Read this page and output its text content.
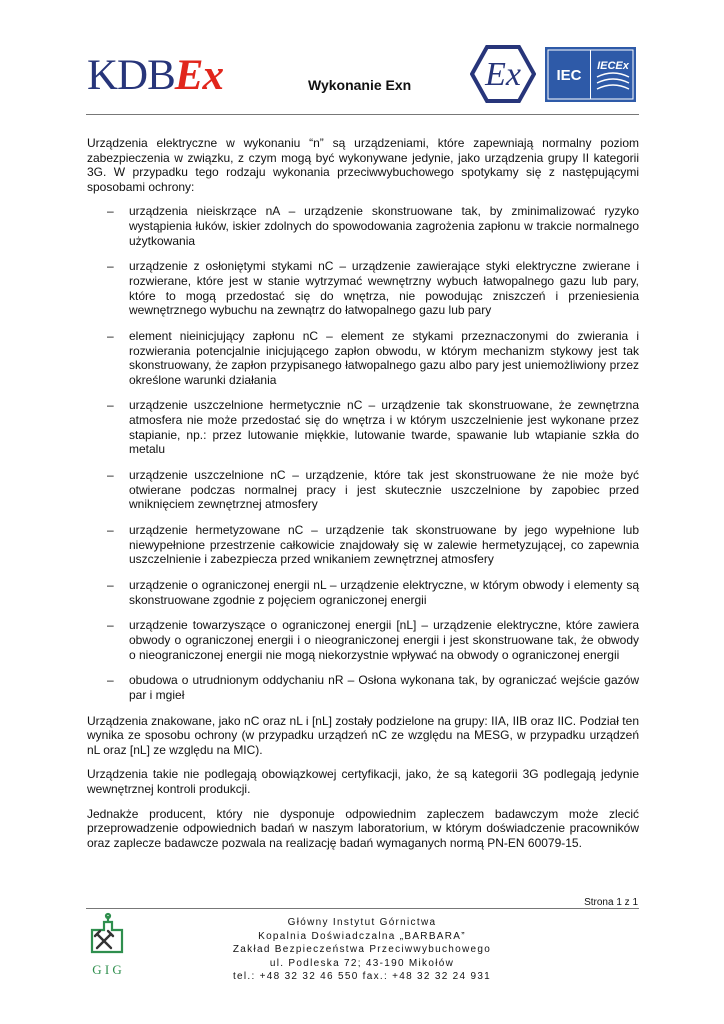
KDBEx	Wykonanie Exn Ex IEC
IECEx

Urządzenia elektryczne w wykonaniu “n” są urządzeniami, które zapewniają normalny poziom zabezpieczenia w związku, z czym mogą być wykonywane jedynie, jako urządzenia grupy II kategorii 3G. W przypadku tego rodzaju wykonania przeciwwybuchowego spotykamy się z następującymi sposobami ochrony:

– urządzenia nieiskrzące nA – urządzenie skonstruowane tak, by zminimalizować ryzyko wystąpienia łuków, iskier zdolnych do spowodowania zagrożenia zapłonu w trakcie normalnego użytkowania
– urządzenie z osłoniętymi stykami nC – urządzenie zawierające styki elektryczne zwierane i rozwierane, które jest w stanie wytrzymać wewnętrzny wybuch łatwopalnego gazu lub pary, które to mogą przedostać się do wnętrza, nie powodując zniszczeń i przeniesienia wewnętrznego wybuchu na zewnątrz do łatwopalnego gazu lub pary
– element nieinicjujący zapłonu nC – element ze stykami przeznaczonymi do zwierania i rozwierania potencjalnie inicjującego zapłon obwodu, w którym mechanizm stykowy jest tak skonstruowany, że zapłon przypisanego łatwopalnego gazu albo pary jest uniemożliwiony przez określone warunki działania
– urządzenie uszczelnione hermetycznie nC – urządzenie tak skonstruowane, że zewnętrzna atmosfera nie może przedostać się do wnętrza i w którym uszczelnienie jest wykonane przez stapianie, np.: przez lutowanie miękkie, lutowanie twarde, spawanie lub wtapianie szkła do metalu
– urządzenie uszczelnione nC – urządzenie, które tak jest skonstruowane że nie może być otwierane podczas normalnej pracy i jest skutecznie uszczelnione by zapobiec przed wniknięciem zewnętrznej atmosfery
– urządzenie hermetyzowane nC – urządzenie tak skonstruowane by jego wypełnione lub niewypełnione przestrzenie całkowicie znajdowały się w zalewie hermetyzującej, co zapewnia uszczelnienie i zabezpiecza przed wnikaniem zewnętrznej atmosfery
– urządzenie o ograniczonej energii nL – urządzenie elektryczne, w którym obwody i elementy są skonstruowane zgodnie z pojęciem ograniczonej energii
– urządzenie towarzyszące o ograniczonej energii [nL] – urządzenie elektryczne, które zawiera obwody o ograniczonej energii i o nieograniczonej energii i jest skonstruowane tak, że obwody o nieograniczonej energii nie mogą niekorzystnie wpływać na obwody o ograniczonej energii
– obudowa o utrudnionym oddychaniu nR – Osłona wykonana tak, by ograniczać wejście gazów par i mgieł

Urządzenia znakowane, jako nC oraz nL i [nL] zostały podzielone na grupy: IIA, IIB oraz IIC. Podział ten wynika ze sposobu ochrony (w przypadku urządzeń nC ze względu na MESG, w przypadku urządzeń nL oraz [nL] ze względu na MIC).

Urządzenia takie nie podlegają obowiązkowej certyfikacji, jako, że są kategorii 3G podlegają jedynie wewnętrznej kontroli produkcji.

Jednakże producent, który nie dysponuje odpowiednim zapleczem badawczym może zlecić przeprowadzenie odpowiednich badań w naszym laboratorium, w którym doświadczenie pracowników oraz zaplecze badawcze pozwala na realizację badań wymaganych normą PN-EN 60079-15.

Strona 1 z 1
G I G
Główny Instytut Górnictwa
Kopalnia Doświadczalna „BARBARA”
Zakład Bezpieczeństwa Przeciwwybuchowego
ul. Podleska 72; 43-190 Mikołów
tel.: +48 32 32 46 550 fax.: +48 32 32 24 931
